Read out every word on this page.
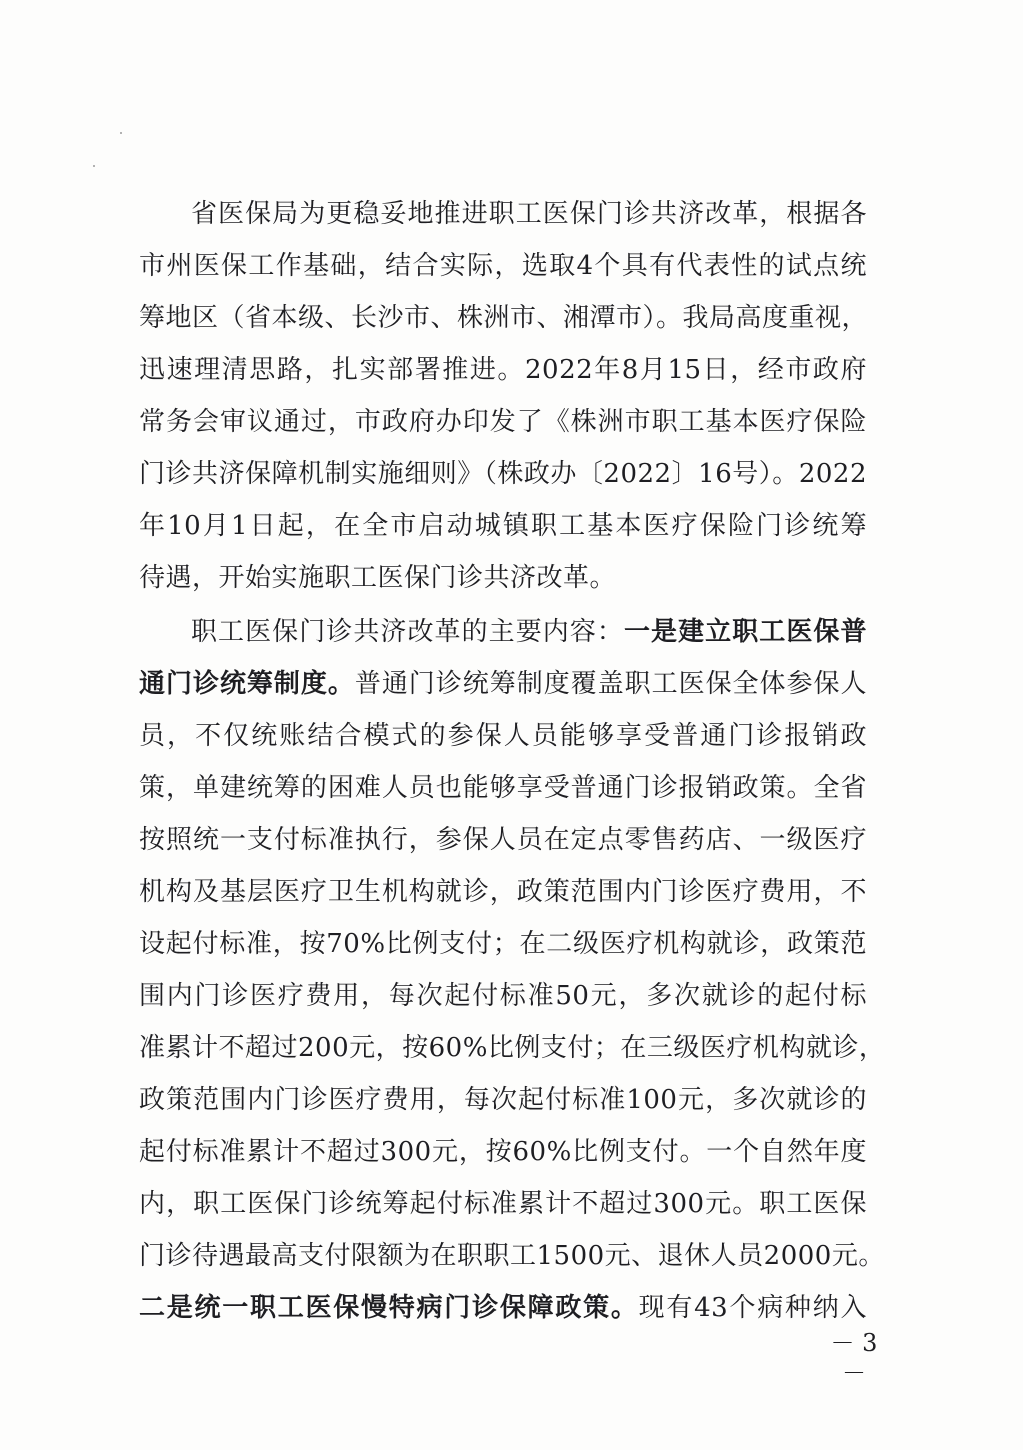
省医保局为更稳妥地推进职工医保门诊共济改革，根据各
市州医保工作基础，结合实际，选取4个具有代表性的试点统
筹地区（省本级、长沙市、株洲市、湘潭市）。我局高度重视，
迅速理清思路，扎实部署推进。2022年8月15日，经市政府
常务会审议通过，市政府办印发了《株洲市职工基本医疗保险
门诊共济保障机制实施细则》（株政办〔2022〕16号）。2022
年10月1日起，在全市启动城镇职工基本医疗保险门诊统筹
待遇，开始实施职工医保门诊共济改革。
职工医保门诊共济改革的主要内容：一是建立职工医保普
通门诊统筹制度。普通门诊统筹制度覆盖职工医保全体参保人
员，不仅统账结合模式的参保人员能够享受普通门诊报销政
策，单建统筹的困难人员也能够享受普通门诊报销政策。全省
按照统一支付标准执行，参保人员在定点零售药店、一级医疗
机构及基层医疗卫生机构就诊，政策范围内门诊医疗费用，不
设起付标准，按70%比例支付；在二级医疗机构就诊，政策范
围内门诊医疗费用，每次起付标准50元，多次就诊的起付标
准累计不超过200元，按60%比例支付；在三级医疗机构就诊，
政策范围内门诊医疗费用，每次起付标准100元，多次就诊的
起付标准累计不超过300元，按60%比例支付。一个自然年度
内，职工医保门诊统筹起付标准累计不超过300元。职工医保
门诊待遇最高支付限额为在职职工1500元、退休人员2000元。
二是统一职工医保慢特病门诊保障政策。现有43个病种纳入
－ 3 －
